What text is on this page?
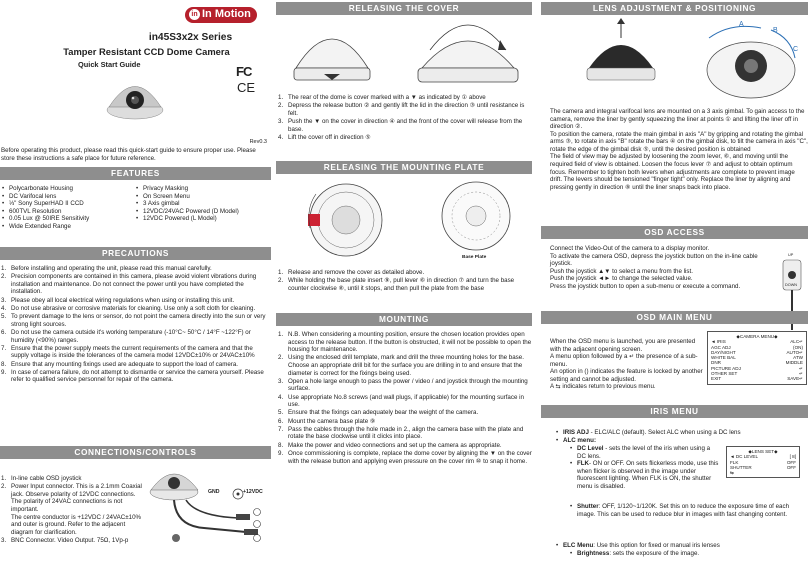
in In Motion
in45S3x2x Series
Tamper Resistant CCD Dome Camera
Quick Start Guide	FC
CE
Rev0.3
Before operating this product, please read this quick-start guide to ensure proper use. Please store these instructions a safe place for future reference.
FEATURES
• Polycarbonate Housing
• DC Varifocal lens
• ⅓" Sony SuperHAD II CCD
• 600TVL Resolution
• 0.05 Lux @ 50IRE Sensitivity
• Wide Extended Range
• Privacy Masking
• On Screen Menu
• 3 Axis gimbal
• 12VDC/24VAC Powered (D Model)
• 12VDC Powered (L Model)
PRECAUTIONS
1. Before installing and operating the unit, please read this manual carefully.
2. Precision components are contained in this camera, please avoid violent vibrations during installation and maintenance. Do not connect the power until you have completed the installation.
3. Please obey all local electrical wiring regulations when using or installing this unit.
4. Do not use abrasive or corrosive materials for cleaning. Use only a soft cloth for cleaning.
5. To prevent damage to the lens or sensor, do not point the camera directly into the sun or very strong light sources.
6. Do not use the camera outside it's working temperature (-10°C~ 50°C / 14°F ~122°F) or humidity (<90%) ranges.
7. Ensure that the power supply meets the current requirements of the camera and that the supply voltage is inside the tolerances of the camera model 12VDC±10% or 24VAC±10%
8. Ensure that any mounting fixings used are adequate to support the load of camera.
9. In case of camera failure, do not attempt to dismantle or service the camera yourself. Please refer to qualified service personnel for repair of the camera.
CONNECTIONS/CONTROLS
1. In-line cable OSD joystick
2. Power Input connector. This is a 2.1mm Coaxial jack. Observe polarity of 12VDC connections. The polarity of 24VAC connections is not important.
The centre conductor is +12VDC / 24VAC±10% and outer is ground. Refer to the adjacent diagram for clarification.
3. BNC Connector. Video Output. 75Ω, 1Vp-p
GND	+12VDC
RELEASING THE COVER
1. The rear of the dome is cover marked with a ▼ as indicated by ① above
2. Depress the release button ② and gently lift the lid in the direction ③ until resistance is felt.
3. Push the ▼ on the cover in direction ④ and the front of the cover will release from the base.
4. Lift the cover off in direction ⑤
RELEASING THE MOUNTING PLATE
Base Plate
1. Release and remove the cover as detailed above.
2. While holding the base plate insert ⑨, pull lever ⑥ in direction ⑦ and turn the base counter clockwise ⑧, until it stops, and then pull the plate from the base
MOUNTING
1. N.B. When considering a mounting position, ensure the chosen location provides open access to the release button. If the button is obstructed, it will not be possible to open the housing for maintenance.
2. Using the enclosed drill template, mark and drill the three mounting holes for the base. Choose an appropriate drill bit for the surface you are drilling in to and ensure that the diameter is correct for the fixings being used.
3. Open a hole large enough to pass the power / video / and joystick through the mounting surface.
4. Use appropriate No.8 screws (and wall plugs, if applicable) for the mounting surface in use.
5. Ensure that the fixings can adequately bear the weight of the camera.
6. Mount the camera base plate ⑨
7. Pass the cables through the hole made in 2., align the camera base with the plate and rotate the base clockwise until it clicks into place.
8. Make the power and video connections and set up the camera as appropriate.
9. Once commissioning is complete, replace the dome cover by aligning the ▼ on the cover with the release button and applying even pressure on the cover rim ⑩ to snap it home.
LENS ADJUSTMENT & POSITIONING
A
B
C

The camera and integral varifocal lens are mounted on a 3 axis gimbal. To gain access to the camera, remove the liner by gently squeezing the liner at points ① and lifting the liner off in direction ②.

To position the camera, rotate the main gimbal in axis "A" by gripping and rotating the gimbal arms ③, to rotate in axis "B" rotate the bars ④ on the gimbal disk, to tilt the camera in axis "C", rotate the edge of the gimbal disk ⑤, until the desired position is obtained

The field of view may be adjusted by loosening the zoom lever, ⑥, and moving until the required field of view is obtained. Loosen the focus lever ⑦ and adjust to obtain optimum focus. Remember to tighten both levers when adjustments are complete to prevent image drift. The levers should be tensioned "finger tight" only. Replace the liner by aligning and pressing gently in direction ⑧ until the liner snaps back into place.

OSD ACCESS

Connect the Video-Out of the camera to a display monitor.

To activate the camera OSD, depress the joystick button on the in-line cable joystick.

Push the joystick ▲▼ to select a menu from the list.

Push the joystick ◄► to change the selected value.

Press the joystick button to open a sub-menu or execute a command.

UP
DOWN
OSD MAIN MENU

When the OSD menu is launched, you are presented with the adjacent opening screen.

A menu option followed by a ↵ the presence of a sub-menu.

An option in () indicates the feature is locked by another setting and cannot be adjusted.

A ⇆ indicates return to previous menu.

◆CAMERA MENU◆
◄ IRIS	ALC↵
AGC ADJ	(ON)
DAY/NIGHT	AUTO↵
WHITE BAL	ATW
DNR	MIDDLE
PICTURE ADJ	↵
OTHER SET	↵
EXIT	SAVE↵
IRIS MENU
• IRIS ADJ - ELC/ALC (default). Select ALC when using a DC lens
• ALC menu:
• DC Level - sets the level of the iris when using a DC lens.
• FLK- ON or OFF. On sets flickerless mode, use this when flicker is observed in the image under fluorescent lighting. When FLK is ON, the shutter menu is disabled.
• Shutter: OFF, 1/120~1/120K. Set this on to reduce the exposure time of each image. This can be used to reduce blur in images with fast changing content.
• ELC Menu: Use this option for fixed or manual iris lenses
• Brightness: sets the exposure of the image.
◆LENS SET◆
◄ DC LEVEL	[ 8]
FLK	OFF
SHUTTER	OFF
⇆
